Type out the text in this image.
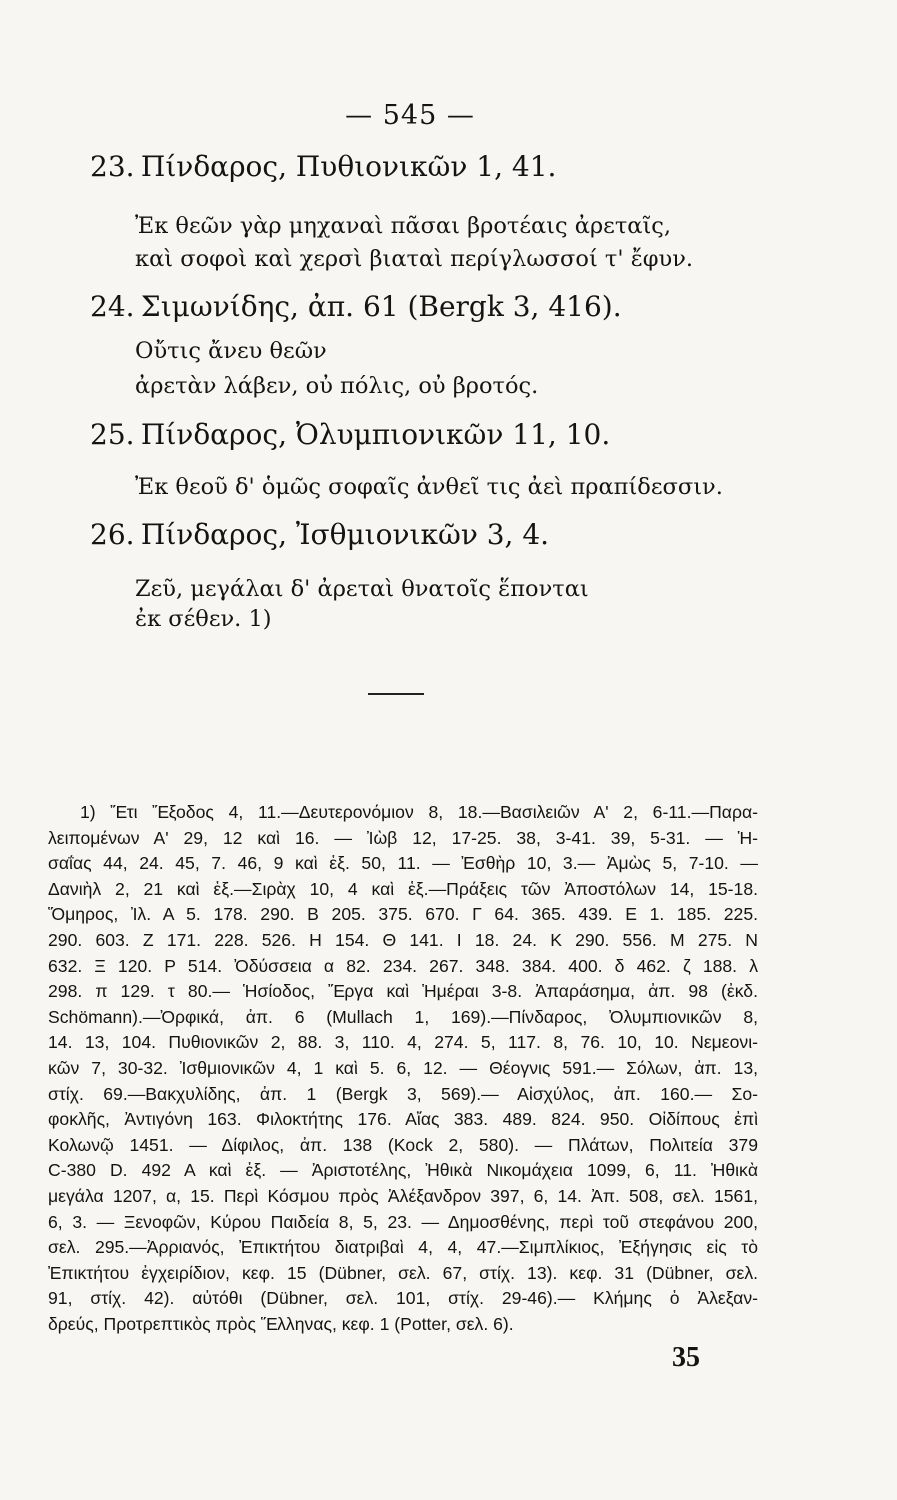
— 545 —
23. Πίνδαρος, Πυθιονικῶν 1, 41.
Ἐκ θεῶν γὰρ μηχαναὶ πᾶσαι βροτέαις ἀρεταῖς,
καὶ σοφοὶ καὶ χερσὶ βιαταὶ περίγλωσσοί τ' ἔφυν.
24. Σιμωνίδης, ἀπ. 61 (Bergk 3, 416).
Οὔτις ἄνευ θεῶν
ἀρετὰν λάβεν, οὐ πόλις, οὐ βροτός.
25. Πίνδαρος, Ὀλυμπιονικῶν 11, 10.
Ἐκ θεοῦ δ' ὁμῶς σοφαῖς ἀνθεῖ τις ἀεὶ πραπίδεσσιν.
26. Πίνδαρος, Ἰσθμιονικῶν 3, 4.
Ζεῦ, μεγάλαι δ' ἀρεταὶ θνατοῖς ἕπονται
ἐκ σέθεν. 1)
1) Ἔτι Ἔξοδος 4, 11.—Δευτερονόμιον 8, 18.—Βασιλειῶν Α' 2, 6-11.—Παρα-
λειπομένων Α' 29, 12 καὶ 16. — Ἰὼβ 12, 17-25. 38, 3-41. 39, 5-31. — Ἡ-
σαΐας 44, 24. 45, 7. 46, 9 καὶ ἑξ. 50, 11. — Ἐσθὴρ 10, 3.— Ἀμὼς 5, 7-10. —
Δανιὴλ 2, 21 καὶ ἑξ.—Σιρὰχ 10, 4 καὶ ἑξ.—Πράξεις τῶν Ἀποστόλων 14, 15-18.
Ὅμηρος, Ἰλ. Α 5. 178. 290. Β 205. 375. 670. Γ 64. 365. 439. Ε 1. 185. 225.
290. 603. Ζ 171. 228. 526. Η 154. Θ 141. Ι 18. 24. Κ 290. 556. Μ 275. Ν
632. Ξ 120. Ρ 514. Ὀδύσσεια α 82. 234. 267. 348. 384. 400. δ 462. ζ 188. λ
298. π 129. τ 80.— Ἡσίοδος, Ἔργα καὶ Ἡμέραι 3-8. Ἀπαράσημα, ἀπ. 98 (ἐκδ.
Schömann).—Ὀρφικά, ἀπ. 6 (Mullach 1, 169).—Πίνδαρος, Ὀλυμπιονικῶν 8,
14. 13, 104. Πυθιονικῶν 2, 88. 3, 110. 4, 274. 5, 117. 8, 76. 10, 10. Νεμεονι-
κῶν 7, 30-32. Ἰσθμιονικῶν 4, 1 καὶ 5. 6, 12. — Θέογνις 591.— Σόλων, ἀπ. 13,
στίχ. 69.—Βακχυλίδης, ἀπ. 1 (Bergk 3, 569).— Αἰσχύλος, ἀπ. 160.— Σο-
φοκλῆς, Ἀντιγόνη 163. Φιλοκτήτης 176. Αἴας 383. 489. 824. 950. Οἰδίπους ἐπὶ
Κολωνῷ 1451. — Δίφιλος, ἀπ. 138 (Kock 2, 580). — Πλάτων, Πολιτεία 379
C-380 D. 492 A καὶ ἑξ. — Ἀριστοτέλης, Ἠθικὰ Νικομάχεια 1099, 6, 11. Ἠθικὰ
μεγάλα 1207, α, 15. Περὶ Κόσμου πρὸς Ἀλέξανδρον 397, 6, 14. Ἀπ. 508, σελ. 1561,
6, 3. — Ξενοφῶν, Κύρου Παιδεία 8, 5, 23. — Δημοσθένης, περὶ τοῦ στεφάνου 200,
σελ. 295.—Ἀρριανός, Ἐπικτήτου διατριβαὶ 4, 4, 47.—Σιμπλίκιος, Ἐξήγησις εἰς τὸ
Ἐπικτήτου ἐγχειρίδιον, κεφ. 15 (Dübner, σελ. 67, στίχ. 13). κεφ. 31 (Dübner, σελ.
91, στίχ. 42). αὐτόθι (Dübner, σελ. 101, στίχ. 29-46).— Κλήμης ὁ Ἀλεξαν-
δρεύς, Προτρεπτικὸς πρὸς Ἕλληνας, κεφ. 1 (Potter, σελ. 6).
35
